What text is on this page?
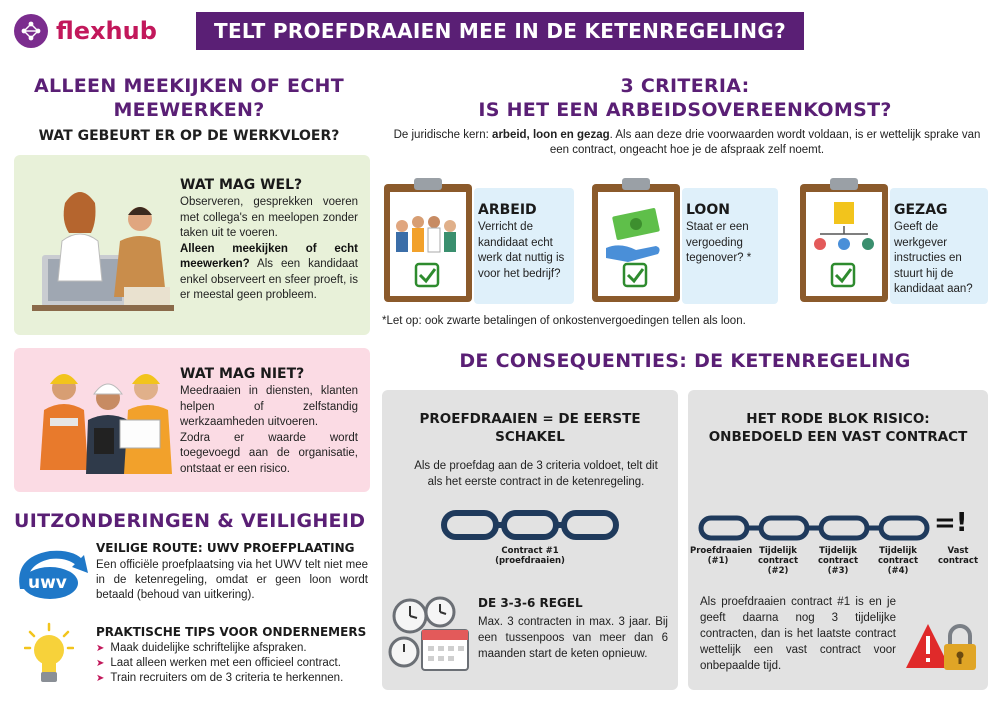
flexhub	TELT PROEFDRAAIEN MEE IN DE KETENREGELING?
ALLEEN MEEKIJKEN OF ECHT
MEEWERKEN?
WAT GEBEURT ER OP DE WERKVLOER?
WAT MAG WEL?
Observeren, gesprekken voeren met collega's en meelopen zonder taken uit te voeren.
Alleen meekijken of echt meewerken? Als een kandidaat enkel observeert en sfeer proeft, is er meestal geen probleem.
WAT MAG NIET?
Meedraaien in diensten, klanten helpen of zelfstandig werkzaamheden uitvoeren.
Zodra er waarde wordt toegevoegd aan de organisatie, ontstaat er een risico.
UITZONDERINGEN & VEILIGHEID
uwv
VEILIGE ROUTE: UWV PROEFPLAATING
Een officiële proefplaatsing via het UWV telt niet mee in de ketenregeling, omdat er geen loon wordt betaald (behoud van uitkering).
PRAKTISCHE TIPS VOOR ONDERNEMERS
➤ Maak duidelijke schriftelijke afspraken.
➤ Laat alleen werken met een officieel contract.
➤ Train recruiters om de 3 criteria te herkennen.
3 CRITERIA:
IS HET EEN ARBEIDSOVEREENKOMST?
De juridische kern: arbeid, loon en gezag. Als aan deze drie voorwaarden wordt voldaan, is er wettelijk sprake van een contract, ongeacht hoe je de afspraak zelf noemt.
ARBEID
Verricht de kandidaat echt werk dat nuttig is voor het bedrijf?
LOON
Staat er een vergoeding tegenover? *
GEZAG
Geeft de werkgever instructies en stuurt hij de kandidaat aan?
*Let op: ook zwarte betalingen of onkostenvergoedingen tellen als loon.
DE CONSEQUENTIES: DE KETENREGELING
PROEFDRAAIEN = DE EERSTE
SCHAKEL
Als de proefdag aan de 3 criteria voldoet, telt dit als het eerste contract in de ketenregeling.
Contract #1
(proefdraaien)
DE 3-3-6 REGEL
Max. 3 contracten in max. 3 jaar. Bij een tussenpoos van meer dan 6 maanden start de keten opnieuw.
HET RODE BLOK RISICO:
ONBEDOELD EEN VAST CONTRACT
=!
Proefdraaien
(#1)
Tijdelijk
contract
(#2)
Tijdelijk
contract
(#3)
Tijdelijk
contract
(#4)
Vast
contract
Als proefdraaien contract #1 is en je geeft daarna nog 3 tijdelijke contracten, dan is het laatste contract wettelijk een vast contract voor onbepaalde tijd.
